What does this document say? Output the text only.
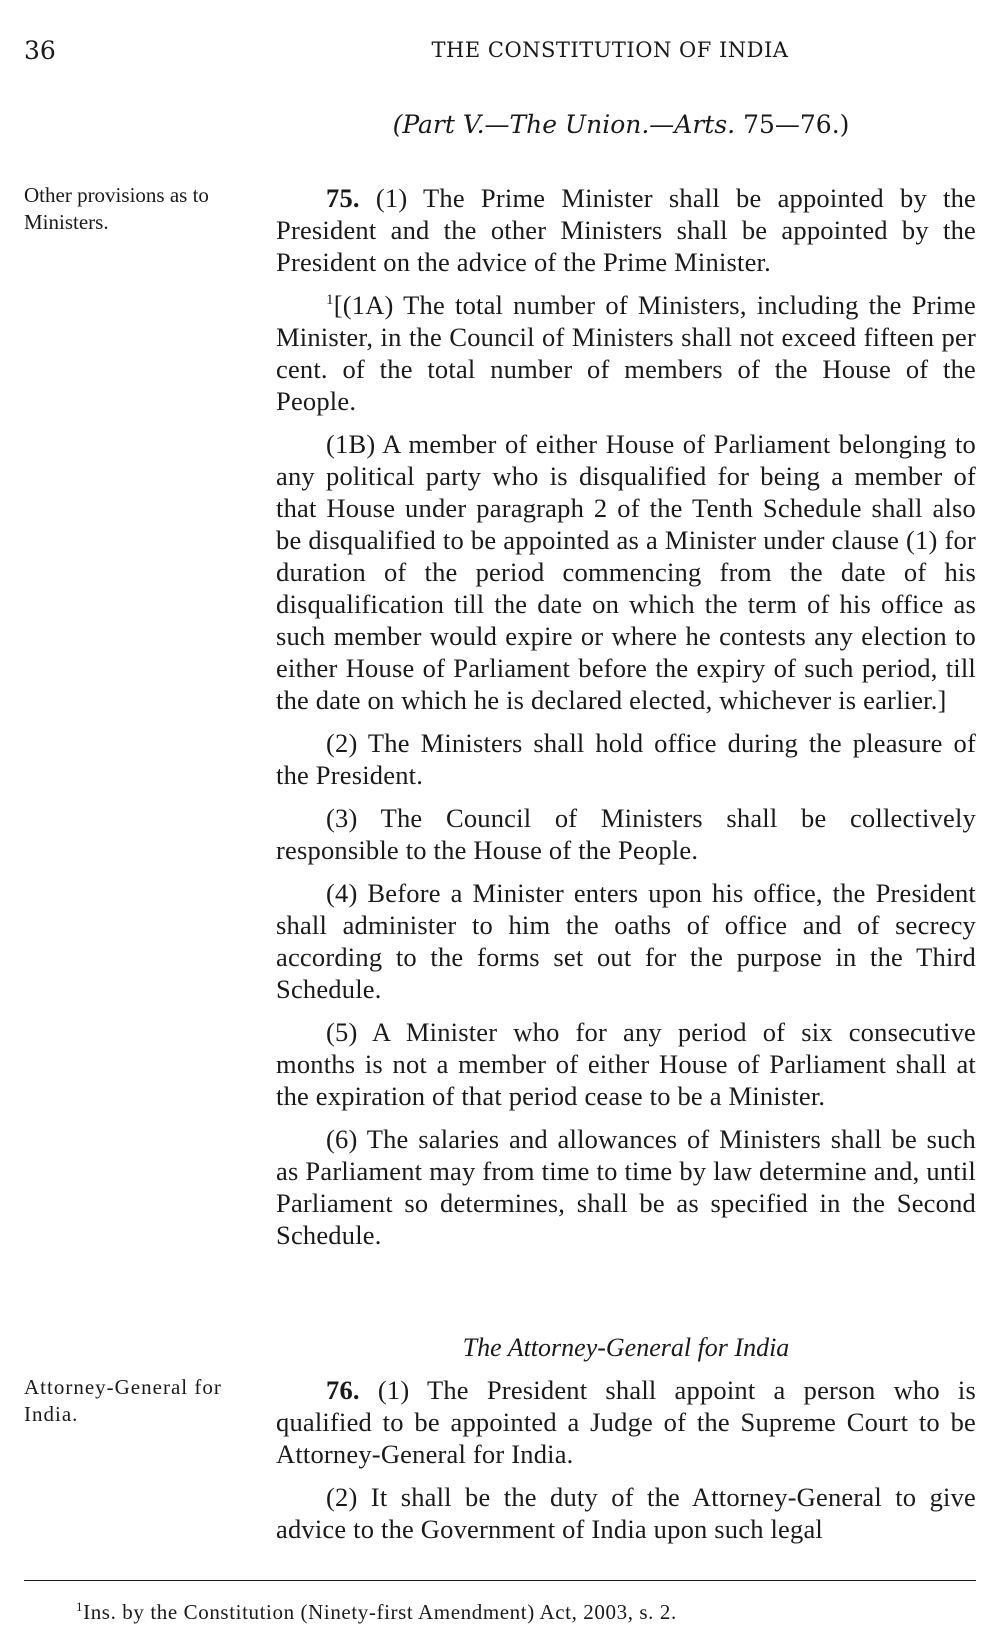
36	THE CONSTITUTION OF INDIA
(Part V.—The Union.—Arts. 75—76.)
Other provisions as to Ministers.

75. (1) The Prime Minister shall be appointed by the President and the other Ministers shall be appointed by the President on the advice of the Prime Minister.

$^1$[(1A) The total number of Ministers, including the Prime Minister, in the Council of Ministers shall not exceed fifteen per cent. of the total number of members of the House of the People.

(1B) A member of either House of Parliament belonging to any political party who is disqualified for being a member of that House under paragraph 2 of the Tenth Schedule shall also be disqualified to be appointed as a Minister under clause (1) for duration of the period commencing from the date of his disqualification till the date on which the term of his office as such member would expire or where he contests any election to either House of Parliament before the expiry of such period, till the date on which he is declared elected, whichever is earlier.]

(2) The Ministers shall hold office during the pleasure of the President.

(3) The Council of Ministers shall be collectively responsible to the House of the People.

(4) Before a Minister enters upon his office, the President shall administer to him the oaths of office and of secrecy according to the forms set out for the purpose in the Third Schedule.

(5) A Minister who for any period of six consecutive months is not a member of either House of Parliament shall at the expiration of that period cease to be a Minister.

(6) The salaries and allowances of Ministers shall be such as Parliament may from time to time by law determine and, until Parliament so determines, shall be as specified in the Second Schedule.

The Attorney-General for India
Attorney-General for India.

76. (1) The President shall appoint a person who is qualified to be appointed a Judge of the Supreme Court to be Attorney-General for India.

(2) It shall be the duty of the Attorney-General to give advice to the Government of India upon such legal

$^1$Ins. by the Constitution (Ninety-first Amendment) Act, 2003, s. 2.
